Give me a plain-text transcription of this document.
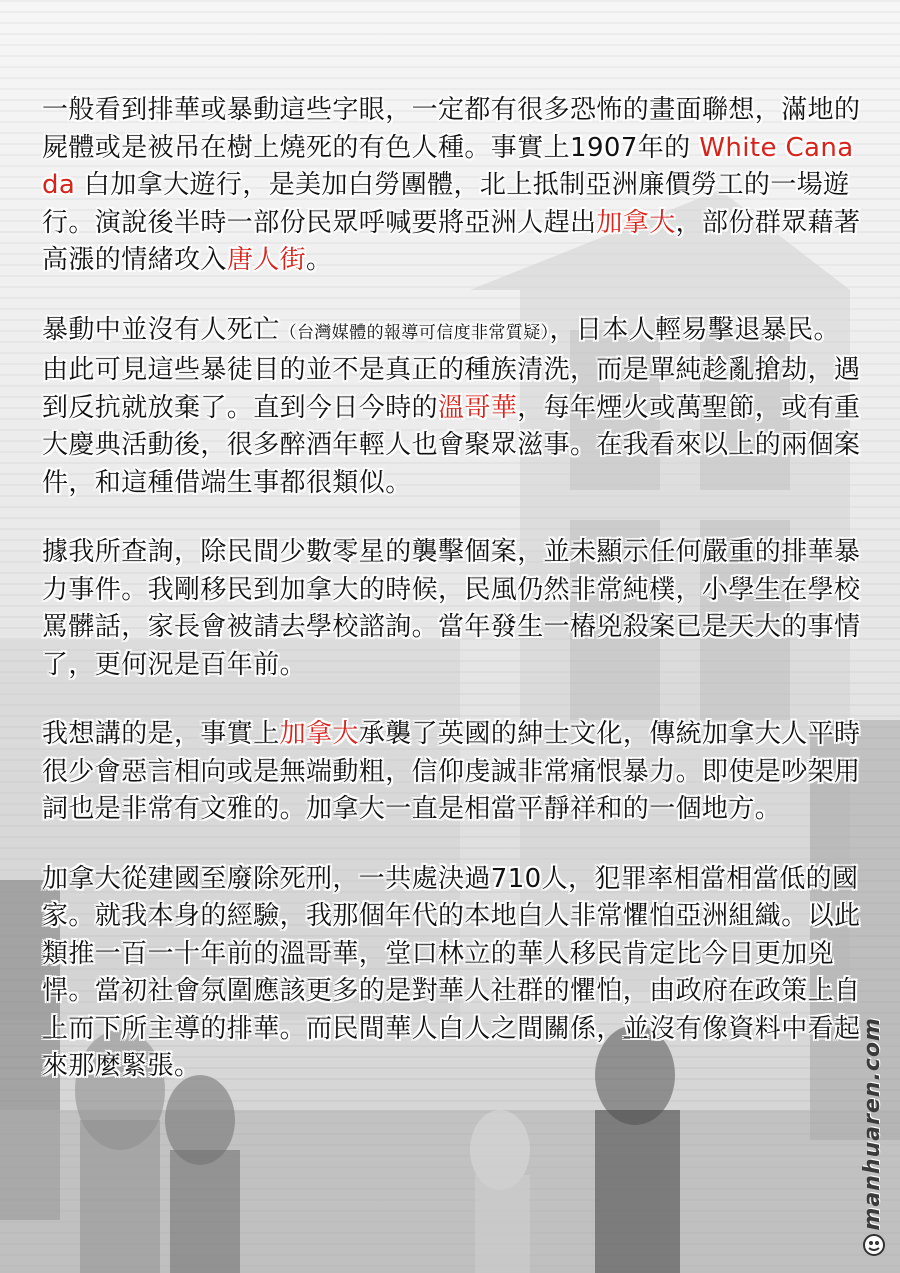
一般看到排華或暴動這些字眼，一定都有很多恐怖的畫面聯想，滿地的屍體或是被吊在樹上燒死的有色人種。事實上1907年的 White Canada 白加拿大遊行，是美加白勞團體，北上抵制亞洲廉價勞工的一場遊行。演說後半時一部份民眾呼喊要將亞洲人趕出加拿大，部份群眾藉著高漲的情緒攻入唐人街。

暴動中並沒有人死亡（台灣媒體的報導可信度非常質疑），日本人輕易擊退暴民。由此可見這些暴徒目的並不是真正的種族清洗，而是單純趁亂搶劫，遇到反抗就放棄了。直到今日今時的溫哥華，每年煙火或萬聖節，或有重大慶典活動後，很多醉酒年輕人也會聚眾滋事。在我看來以上的兩個案件，和這種借端生事都很類似。

據我所查詢，除民間少數零星的襲擊個案，並未顯示任何嚴重的排華暴力事件。我剛移民到加拿大的時候，民風仍然非常純樸，小學生在學校罵髒話，家長會被請去學校諮詢。當年發生一樁兇殺案已是天大的事情了，更何況是百年前。

我想講的是，事實上加拿大承襲了英國的紳士文化，傳統加拿大人平時很少會惡言相向或是無端動粗，信仰虔誠非常痛恨暴力。即使是吵架用詞也是非常有文雅的。加拿大一直是相當平靜祥和的一個地方。

加拿大從建國至廢除死刑，一共處決過710人，犯罪率相當相當低的國家。就我本身的經驗，我那個年代的本地白人非常懼怕亞洲組織。以此類推一百一十年前的溫哥華，堂口林立的華人移民肯定比今日更加兇悍。當初社會氛圍應該更多的是對華人社群的懼怕，由政府在政策上自上而下所主導的排華。而民間華人白人之間關係，並沒有像資料中看起來那麼緊張。	manhuaren.com
